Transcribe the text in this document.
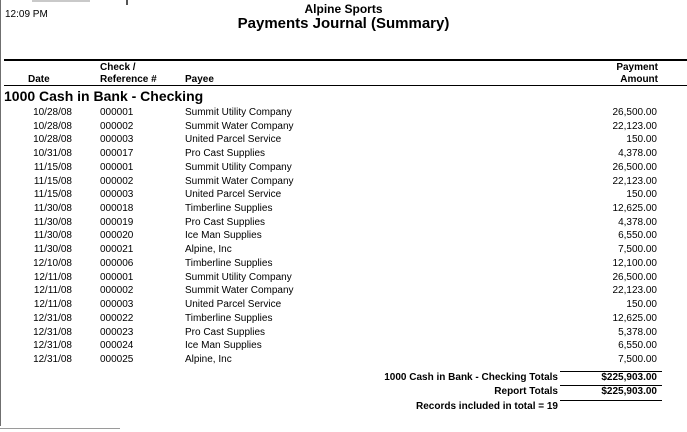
12:09 PM	Alpine Sports
Payments Journal (Summary)
Check /	Payment
Date	Reference #	Payee	Amount
1000 Cash in Bank - Checking
10/28/08	000001	Summit Utility Company	26,500.00
10/28/08	000002	Summit Water Company	22,123.00
10/28/08	000003	United Parcel Service	150.00
10/31/08	000017	Pro Cast Supplies	4,378.00
11/15/08	000001	Summit Utility Company	26,500.00
11/15/08	000002	Summit Water Company	22,123.00
11/15/08	000003	United Parcel Service	150.00
11/30/08	000018	Timberline Supplies	12,625.00
11/30/08	000019	Pro Cast Supplies	4,378.00
11/30/08	000020	Ice Man Supplies	6,550.00
11/30/08	000021	Alpine, Inc	7,500.00
12/10/08	000006	Timberline Supplies	12,100.00
12/11/08	000001	Summit Utility Company	26,500.00
12/11/08	000002	Summit Water Company	22,123.00
12/11/08	000003	United Parcel Service	150.00
12/31/08	000022	Timberline Supplies	12,625.00
12/31/08	000023	Pro Cast Supplies	5,378.00
12/31/08	000024	Ice Man Supplies	6,550.00
12/31/08	000025	Alpine, Inc	7,500.00
1000 Cash in Bank - Checking Totals	$225,903.00
Report Totals	$225,903.00
Records included in total = 19
